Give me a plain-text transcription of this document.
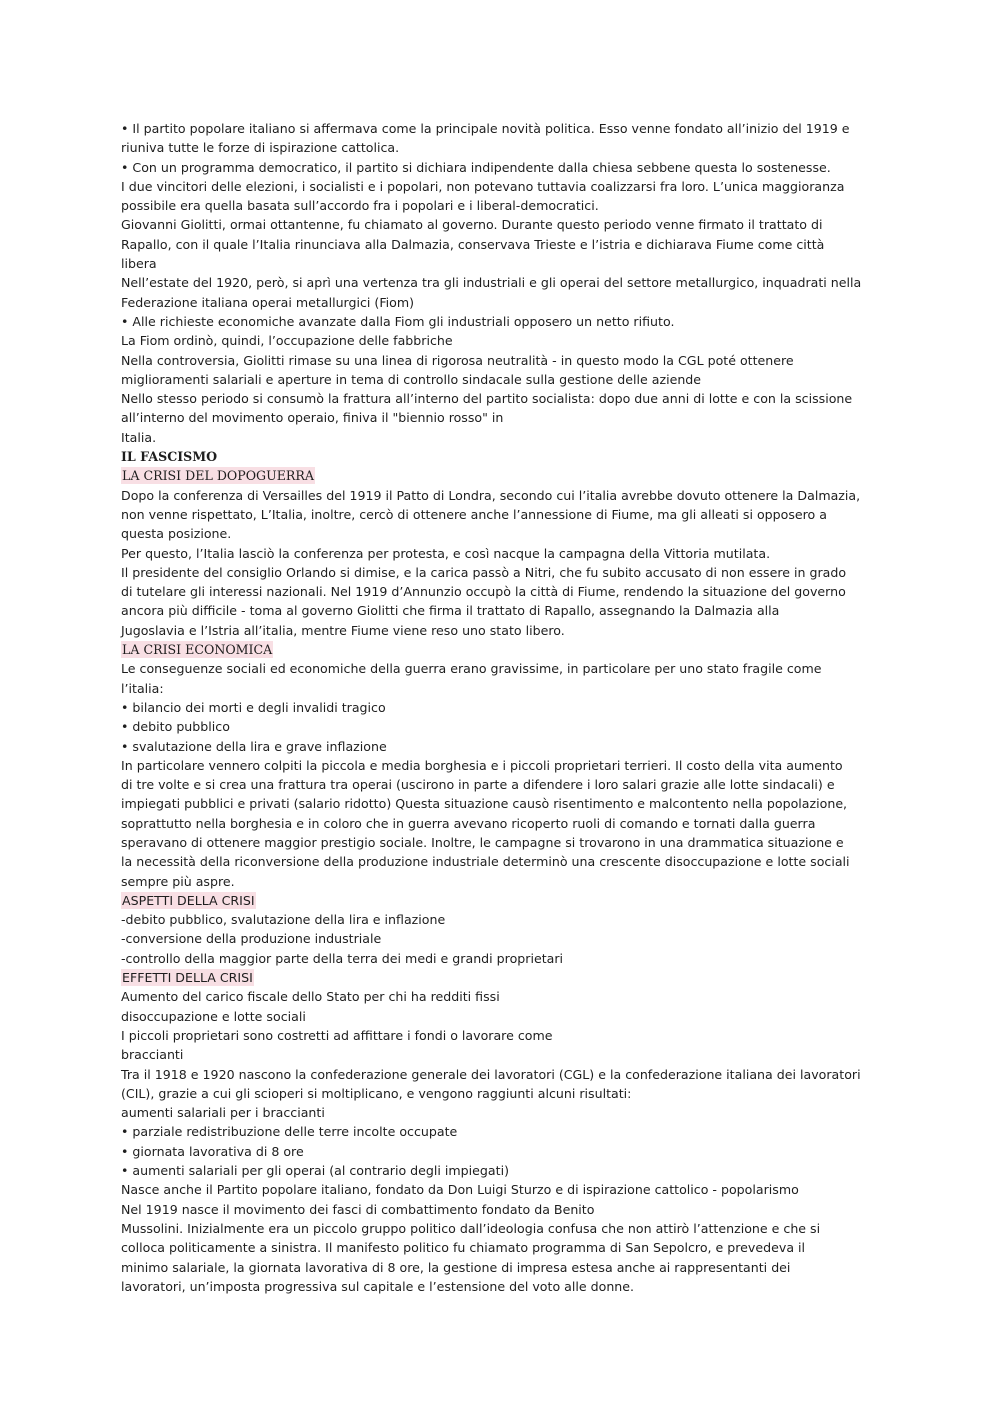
• Il partito popolare italiano si affermava come la principale novità politica. Esso venne fondato all’inizio del 1919 e
riuniva tutte le forze di ispirazione cattolica.
• Con un programma democratico, il partito si dichiara indipendente dalla chiesa sebbene questa lo sostenesse.
I due vincitori delle elezioni, i socialisti e i popolari, non potevano tuttavia coalizzarsi fra loro. L’unica maggioranza
possibile era quella basata sull’accordo fra i popolari e i liberal-democratici.
Giovanni Giolitti, ormai ottantenne, fu chiamato al governo. Durante questo periodo venne firmato il trattato di
Rapallo, con il quale l’Italia rinunciava alla Dalmazia, conservava Trieste e l’istria e dichiarava Fiume come città
libera
Nell’estate del 1920, però, si aprì una vertenza tra gli industriali e gli operai del settore metallurgico, inquadrati nella
Federazione italiana operai metallurgici (Fiom)
• Alle richieste economiche avanzate dalla Fiom gli industriali opposero un netto rifiuto.
La Fiom ordinò, quindi, l’occupazione delle fabbriche
Nella controversia, Giolitti rimase su una linea di rigorosa neutralità - in questo modo la CGL poté ottenere
miglioramenti salariali e aperture in tema di controllo sindacale sulla gestione delle aziende
Nello stesso periodo si consumò la frattura all’interno del partito socialista: dopo due anni di lotte e con la scissione
all’interno del movimento operaio, finiva il "biennio rosso" in
Italia.
IL FASCISMO
LA CRISI DEL DOPOGUERRA
Dopo la conferenza di Versailles del 1919 il Patto di Londra, secondo cui l’italia avrebbe dovuto ottenere la Dalmazia,
non venne rispettato, L’Italia, inoltre, cercò di ottenere anche l’annessione di Fiume, ma gli alleati si opposero a
questa posizione.
Per questo, l’Italia lasciò la conferenza per protesta, e così nacque la campagna della Vittoria mutilata.
Il presidente del consiglio Orlando si dimise, e la carica passò a Nitri, che fu subito accusato di non essere in grado
di tutelare gli interessi nazionali. Nel 1919 d’Annunzio occupò la città di Fiume, rendendo la situazione del governo
ancora più difficile - toma al governo Giolitti che firma il trattato di Rapallo, assegnando la Dalmazia alla
Jugoslavia e l’Istria all’italia, mentre Fiume viene reso uno stato libero.
LA CRISI ECONOMICA
Le conseguenze sociali ed economiche della guerra erano gravissime, in particolare per uno stato fragile come
l’italia:
• bilancio dei morti e degli invalidi tragico
• debito pubblico
• svalutazione della lira e grave inflazione
In particolare vennero colpiti la piccola e media borghesia e i piccoli proprietari terrieri. Il costo della vita aumento
di tre volte e si crea una frattura tra operai (uscirono in parte a difendere i loro salari grazie alle lotte sindacali) e
impiegati pubblici e privati (salario ridotto) Questa situazione causò risentimento e malcontento nella popolazione,
soprattutto nella borghesia e in coloro che in guerra avevano ricoperto ruoli di comando e tornati dalla guerra
speravano di ottenere maggior prestigio sociale. Inoltre, le campagne si trovarono in una drammatica situazione e
la necessità della riconversione della produzione industriale determinò una crescente disoccupazione e lotte sociali
sempre più aspre.
ASPETTI DELLA CRISI
-debito pubblico, svalutazione della lira e inflazione
-conversione della produzione industriale
-controllo della maggior parte della terra dei medi e grandi proprietari
EFFETTI DELLA CRISI
Aumento del carico fiscale dello Stato per chi ha redditi fissi
disoccupazione e lotte sociali
I piccoli proprietari sono costretti ad affittare i fondi o lavorare come
braccianti
Tra il 1918 e 1920 nascono la confederazione generale dei lavoratori (CGL) e la confederazione italiana dei lavoratori
(CIL), grazie a cui gli scioperi si moltiplicano, e vengono raggiunti alcuni risultati:
aumenti salariali per i braccianti
• parziale redistribuzione delle terre incolte occupate
• giornata lavorativa di 8 ore
• aumenti salariali per gli operai (al contrario degli impiegati)
Nasce anche il Partito popolare italiano, fondato da Don Luigi Sturzo e di ispirazione cattolico - popolarismo
Nel 1919 nasce il movimento dei fasci di combattimento fondato da Benito
Mussolini. Inizialmente era un piccolo gruppo politico dall’ideologia confusa che non attirò l’attenzione e che si
colloca politicamente a sinistra. Il manifesto politico fu chiamato programma di San Sepolcro, e prevedeva il
minimo salariale, la giornata lavorativa di 8 ore, la gestione di impresa estesa anche ai rappresentanti dei
lavoratori, un’imposta progressiva sul capitale e l’estensione del voto alle donne.
